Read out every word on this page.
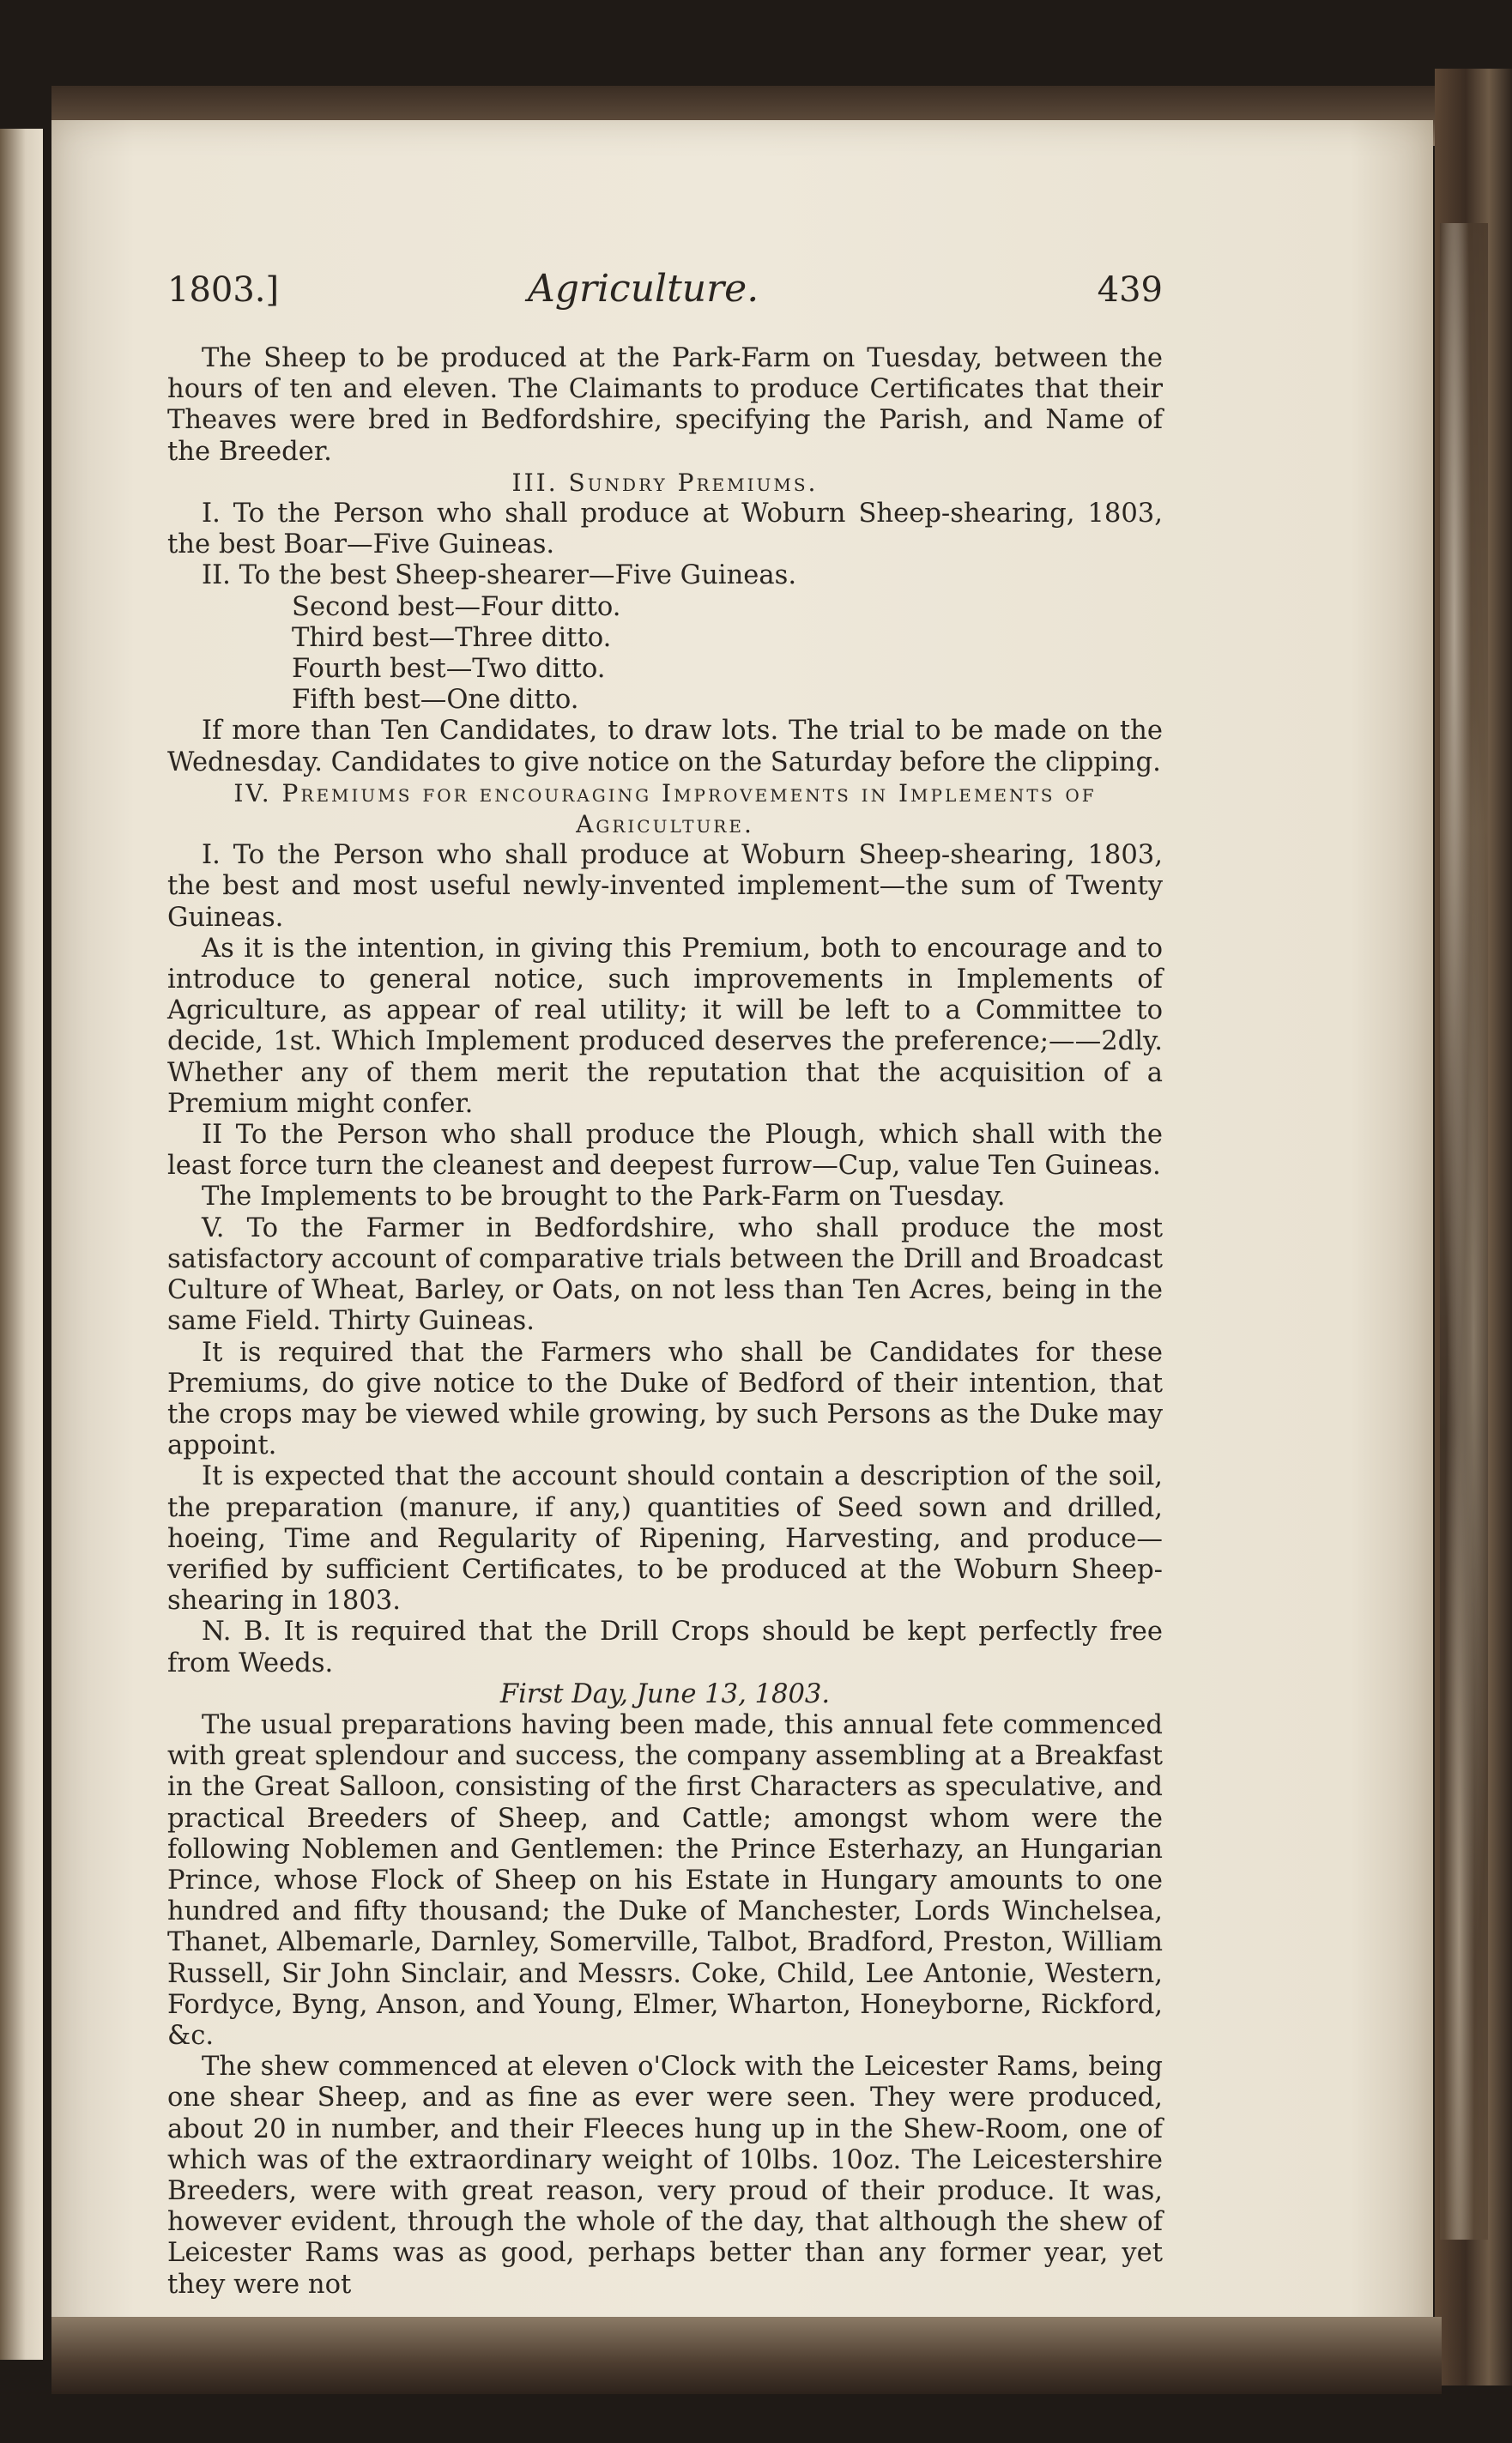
1803.]	Agriculture.	439

The Sheep to be produced at the Park-Farm on Tuesday, between the hours of ten and eleven. The Claimants to produce Certificates that their Theaves were bred in Bedfordshire, specifying the Parish, and Name of the Breeder.

III. Sundry Premiums.

I. To the Person who shall produce at Woburn Sheep-shearing, 1803, the best Boar—Five Guineas.

II. To the best Sheep-shearer—Five Guineas.

Second best—Four ditto.
Third best—Three ditto.
Fourth best—Two ditto.
Fifth best—One ditto.

If more than Ten Candidates, to draw lots. The trial to be made on the Wednesday. Candidates to give notice on the Saturday before the clipping.

IV. Premiums for encouraging Improvements in Implements of Agriculture.

I. To the Person who shall produce at Woburn Sheep-shearing, 1803, the best and most useful newly-invented implement—the sum of Twenty Guineas.

As it is the intention, in giving this Premium, both to encourage and to introduce to general notice, such improvements in Implements of Agriculture, as appear of real utility; it will be left to a Committee to decide, 1st. Which Implement produced deserves the preference;——2dly. Whether any of them merit the reputation that the acquisition of a Premium might confer.

II To the Person who shall produce the Plough, which shall with the least force turn the cleanest and deepest furrow—Cup, value Ten Guineas.

The Implements to be brought to the Park-Farm on Tuesday.

V. To the Farmer in Bedfordshire, who shall produce the most satisfactory account of comparative trials between the Drill and Broadcast Culture of Wheat, Barley, or Oats, on not less than Ten Acres, being in the same Field. Thirty Guineas.

It is required that the Farmers who shall be Candidates for these Premiums, do give notice to the Duke of Bedford of their intention, that the crops may be viewed while growing, by such Persons as the Duke may appoint.

It is expected that the account should contain a description of the soil, the preparation (manure, if any,) quantities of Seed sown and drilled, hoeing, Time and Regularity of Ripening, Harvesting, and produce—verified by sufficient Certificates, to be produced at the Woburn Sheep-shearing in 1803.

N. B. It is required that the Drill Crops should be kept perfectly free from Weeds.

First Day, June 13, 1803.

The usual preparations having been made, this annual fete commenced with great splendour and success, the company assembling at a Breakfast in the Great Salloon, consisting of the first Characters as speculative, and practical Breeders of Sheep, and Cattle; amongst whom were the following Noblemen and Gentlemen: the Prince Esterhazy, an Hungarian Prince, whose Flock of Sheep on his Estate in Hungary amounts to one hundred and fifty thousand; the Duke of Manchester, Lords Winchelsea, Thanet, Albemarle, Darnley, Somerville, Talbot, Bradford, Preston, William Russell, Sir John Sinclair, and Messrs. Coke, Child, Lee Antonie, Western, Fordyce, Byng, Anson, and Young, Elmer, Wharton, Honeyborne, Rickford, &c.

The shew commenced at eleven o'Clock with the Leicester Rams, being one shear Sheep, and as fine as ever were seen. They were produced, about 20 in number, and their Fleeces hung up in the Shew-Room, one of which was of the extraordinary weight of 10lbs. 10oz. The Leicestershire Breeders, were with great reason, very proud of their produce. It was, however evident, through the whole of the day, that although the shew of Leicester Rams was as good, perhaps better than any former year, yet they were not
